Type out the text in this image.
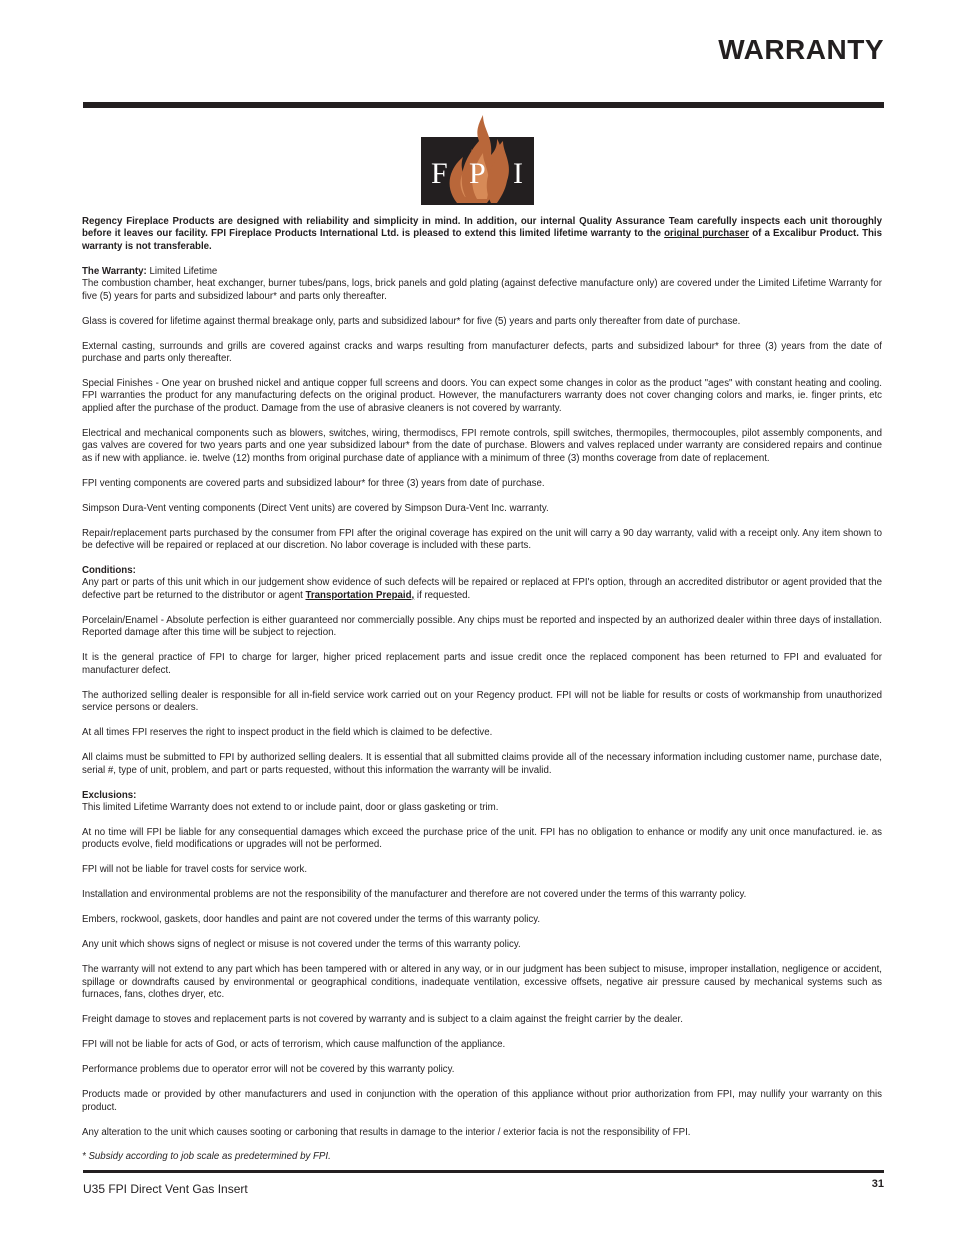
WARRANTY
F P I

Regency Fireplace Products are designed with reliability and simplicity in mind. In addition, our internal Quality Assurance Team carefully inspects each unit thoroughly before it leaves our facility. FPI Fireplace Products International Ltd. is pleased to extend this limited lifetime warranty to the original purchaser of a Excalibur Product. This warranty is not transferable.

The Warranty: Limited Lifetime
The combustion chamber, heat exchanger, burner tubes/pans, logs, brick panels and gold plating (against defective manufacture only) are covered under the Limited Lifetime Warranty for five (5) years for parts and subsidized labour* and parts only thereafter.

Glass is covered for lifetime against thermal breakage only, parts and subsidized labour* for five (5) years and parts only thereafter from date of purchase.

External casting, surrounds and grills are covered against cracks and warps resulting from manufacturer defects, parts and subsidized labour* for three (3) years from the date of purchase and parts only thereafter.

Special Finishes - One year on brushed nickel and antique copper full screens and doors. You can expect some changes in color as the product "ages" with constant heating and cooling. FPI warranties the product for any manufacturing defects on the original product. However, the manufacturers warranty does not cover changing colors and marks, ie. finger prints, etc applied after the purchase of the product. Damage from the use of abrasive cleaners is not covered by warranty.

Electrical and mechanical components such as blowers, switches, wiring, thermodiscs, FPI remote controls, spill switches, thermopiles, thermocouples, pilot assembly components, and gas valves are covered for two years parts and one year subsidized labour* from the date of purchase. Blowers and valves replaced under warranty are considered repairs and continue as if new with appliance. ie. twelve (12) months from original purchase date of appliance with a minimum of three (3) months coverage from date of replacement.

FPI venting components are covered parts and subsidized labour* for three (3) years from date of purchase.

Simpson Dura-Vent venting components (Direct Vent units) are covered by Simpson Dura-Vent Inc. warranty.

Repair/replacement parts purchased by the consumer from FPI after the original coverage has expired on the unit will carry a 90 day warranty, valid with a receipt only. Any item shown to be defective will be repaired or replaced at our discretion. No labor coverage is included with these parts.

Conditions:
Any part or parts of this unit which in our judgement show evidence of such defects will be repaired or replaced at FPI's option, through an accredited distributor or agent provided that the defective part be returned to the distributor or agent Transportation Prepaid, if requested.

Porcelain/Enamel - Absolute perfection is either guaranteed nor commercially possible. Any chips must be reported and inspected by an authorized dealer within three days of installation. Reported damage after this time will be subject to rejection.

It is the general practice of FPI to charge for larger, higher priced replacement parts and issue credit once the replaced component has been returned to FPI and evaluated for manufacturer defect.

The authorized selling dealer is responsible for all in-field service work carried out on your Regency product. FPI will not be liable for results or costs of workmanship from unauthorized service persons or dealers.

At all times FPI reserves the right to inspect product in the field which is claimed to be defective.

All claims must be submitted to FPI by authorized selling dealers. It is essential that all submitted claims provide all of the necessary information including customer name, purchase date, serial #, type of unit, problem, and part or parts requested, without this information the warranty will be invalid.

Exclusions:
This limited Lifetime Warranty does not extend to or include paint, door or glass gasketing or trim.

At no time will FPI be liable for any consequential damages which exceed the purchase price of the unit. FPI has no obligation to enhance or modify any unit once manufactured. ie. as products evolve, field modifications or upgrades will not be performed.

FPI will not be liable for travel costs for service work.

Installation and environmental problems are not the responsibility of the manufacturer and therefore are not covered under the terms of this warranty policy.

Embers, rockwool, gaskets, door handles and paint are not covered under the terms of this warranty policy.

Any unit which shows signs of neglect or misuse is not covered under the terms of this warranty policy.

The warranty will not extend to any part which has been tampered with or altered in any way, or in our judgment has been subject to misuse, improper installation, negligence or accident, spillage or downdrafts caused by environmental or geographical conditions, inadequate ventilation, excessive offsets, negative air pressure caused by mechanical systems such as furnaces, fans, clothes dryer, etc.

Freight damage to stoves and replacement parts is not covered by warranty and is subject to a claim against the freight carrier by the dealer.

FPI will not be liable for acts of God, or acts of terrorism, which cause malfunction of the appliance.

Performance problems due to operator error will not be covered by this warranty policy.

Products made or provided by other manufacturers and used in conjunction with the operation of this appliance without prior authorization from FPI, may nullify your warranty on this product.

Any alteration to the unit which causes sooting or carboning that results in damage to the interior / exterior facia is not the responsibility of FPI.

* Subsidy according to job scale as predetermined by FPI.

U35 FPI Direct Vent Gas Insert	31
